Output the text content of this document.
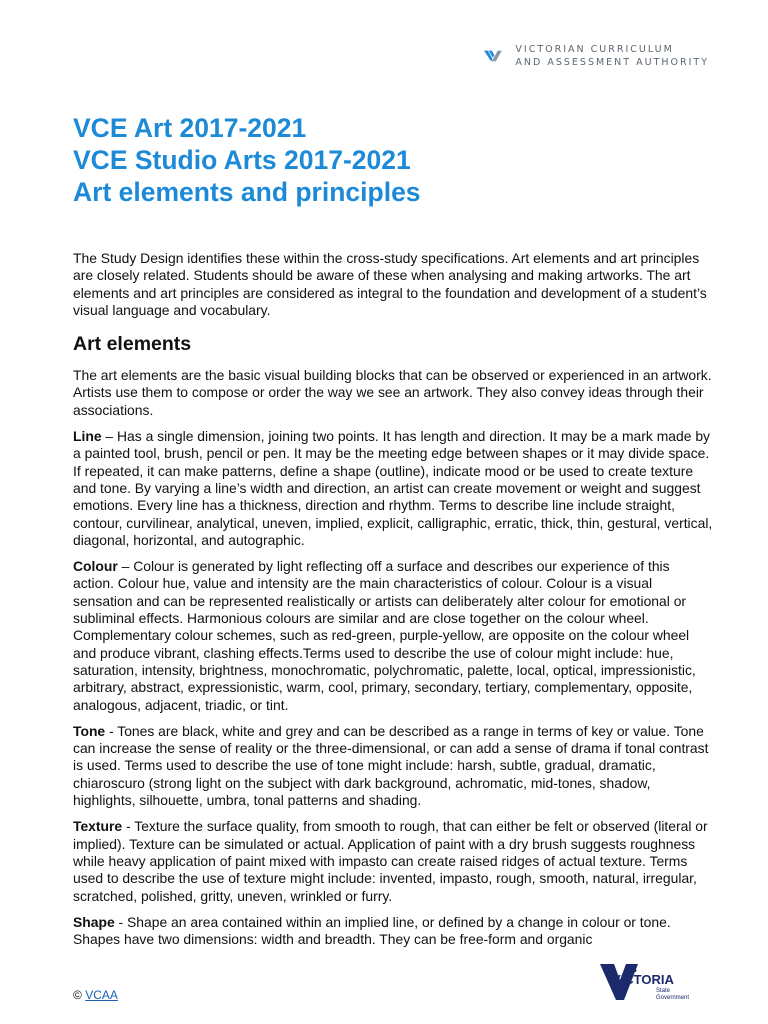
VICTORIAN CURRICULUM
AND ASSESSMENT AUTHORITY
VCE Art 2017-2021
VCE Studio Arts 2017-2021
Art elements and principles

The Study Design identifies these within the cross-study specifications. Art elements and art principles are closely related. Students should be aware of these when analysing and making artworks. The art elements and art principles are considered as integral to the foundation and development of a student’s visual language and vocabulary.

Art elements

The art elements are the basic visual building blocks that can be observed or experienced in an artwork. Artists use them to compose or order the way we see an artwork. They also convey ideas through their associations.

Line – Has a single dimension, joining two points. It has length and direction. It may be a mark made by a painted tool, brush, pencil or pen. It may be the meeting edge between shapes or it may divide space. If repeated, it can make patterns, define a shape (outline), indicate mood or be used to create texture and tone. By varying a line’s width and direction, an artist can create movement or weight and suggest emotions. Every line has a thickness, direction and rhythm. Terms to describe line include straight, contour, curvilinear, analytical, uneven, implied, explicit, calligraphic, erratic, thick, thin, gestural, vertical, diagonal, horizontal, and autographic.

Colour – Colour is generated by light reflecting off a surface and describes our experience of this action. Colour hue, value and intensity are the main characteristics of colour. Colour is a visual sensation and can be represented realistically or artists can deliberately alter colour for emotional or subliminal effects. Harmonious colours are similar and are close together on the colour wheel. Complementary colour schemes, such as red-green, purple-yellow, are opposite on the colour wheel and produce vibrant, clashing effects.Terms used to describe the use of colour might include: hue, saturation, intensity, brightness, monochromatic, polychromatic, palette, local, optical, impressionistic, arbitrary, abstract, expressionistic, warm, cool, primary, secondary, tertiary, complementary, opposite, analogous, adjacent, triadic, or tint.

Tone - Tones are black, white and grey and can be described as a range in terms of key or value. Tone can increase the sense of reality or the three-dimensional, or can add a sense of drama if tonal contrast is used. Terms used to describe the use of tone might include: harsh, subtle, gradual, dramatic, chiaroscuro (strong light on the subject with dark background, achromatic, mid-tones, shadow, highlights, silhouette, umbra, tonal patterns and shading.

Texture - Texture the surface quality, from smooth to rough, that can either be felt or observed (literal or implied). Texture can be simulated or actual. Application of paint with a dry brush suggests roughness while heavy application of paint mixed with impasto can create raised ridges of actual texture. Terms used to describe the use of texture might include: invented, impasto, rough, smooth, natural, irregular, scratched, polished, gritty, uneven, wrinkled or furry.

Shape - Shape an area contained within an implied line, or defined by a change in colour or tone. Shapes have two dimensions: width and breadth. They can be free-form and organic

© VCAA
VICTORIA
State
Government
